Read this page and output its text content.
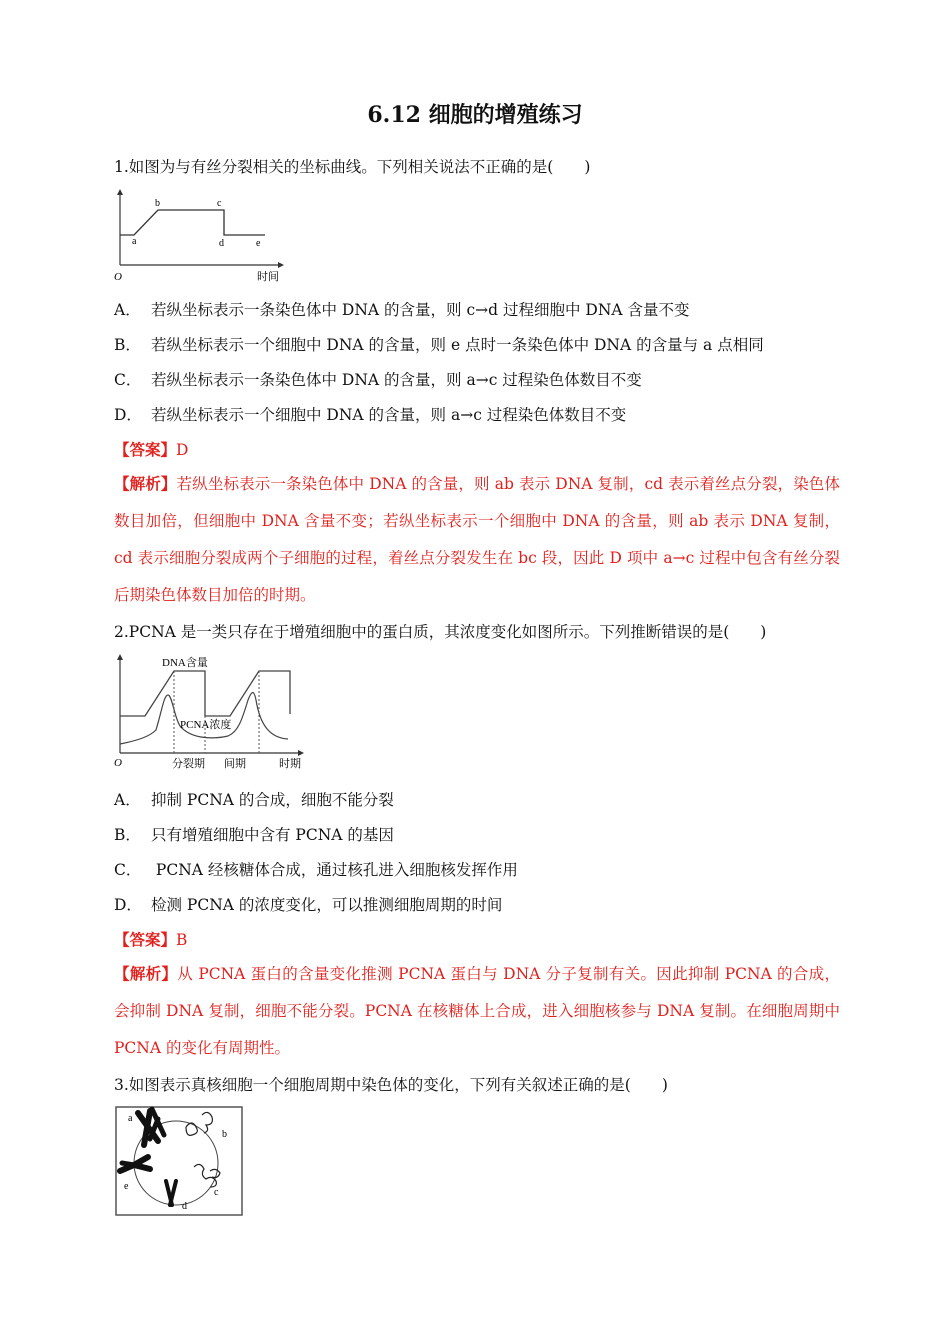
6.12 细胞的增殖练习
1.如图为与有丝分裂相关的坐标曲线。下列相关说法不正确的是(　　)
O	时间
a
b	c
d	e
A． 若纵坐标表示一条染色体中 DNA 的含量，则 c→d 过程细胞中 DNA 含量不变
B． 若纵坐标表示一个细胞中 DNA 的含量，则 e 点时一条染色体中 DNA 的含量与 a 点相同
C． 若纵坐标表示一条染色体中 DNA 的含量，则 a→c 过程染色体数目不变
D． 若纵坐标表示一个细胞中 DNA 的含量，则 a→c 过程染色体数目不变
【答案】D
【解析】若纵坐标表示一条染色体中 DNA 的含量，则 ab 表示 DNA 复制，cd 表示着丝点分裂，染色体数目加倍，但细胞中 DNA 含量不变；若纵坐标表示一个细胞中 DNA 的含量，则 ab 表示 DNA 复制，cd 表示细胞分裂成两个子细胞的过程，着丝点分裂发生在 bc 段，因此 D 项中 a→c 过程中包含有丝分裂后期染色体数目加倍的时期。
2.PCNA 是一类只存在于增殖细胞中的蛋白质，其浓度变化如图所示。下列推断错误的是(　　)
DNA含量
PCNA浓度
O	分裂期 间期	时期
A． 抑制 PCNA 的合成，细胞不能分裂
B． 只有增殖细胞中含有 PCNA 的基因
C． PCNA 经核糖体合成，通过核孔进入细胞核发挥作用
D． 检测 PCNA 的浓度变化，可以推测细胞周期的时间
【答案】B
【解析】从 PCNA 蛋白的含量变化推测 PCNA 蛋白与 DNA 分子复制有关。因此抑制 PCNA 的合成，会抑制 DNA 复制，细胞不能分裂。PCNA 在核糖体上合成，进入细胞核参与 DNA 复制。在细胞周期中 PCNA 的变化有周期性。
3.如图表示真核细胞一个细胞周期中染色体的变化，下列有关叙述正确的是(　　)
a
b
c
d
e
